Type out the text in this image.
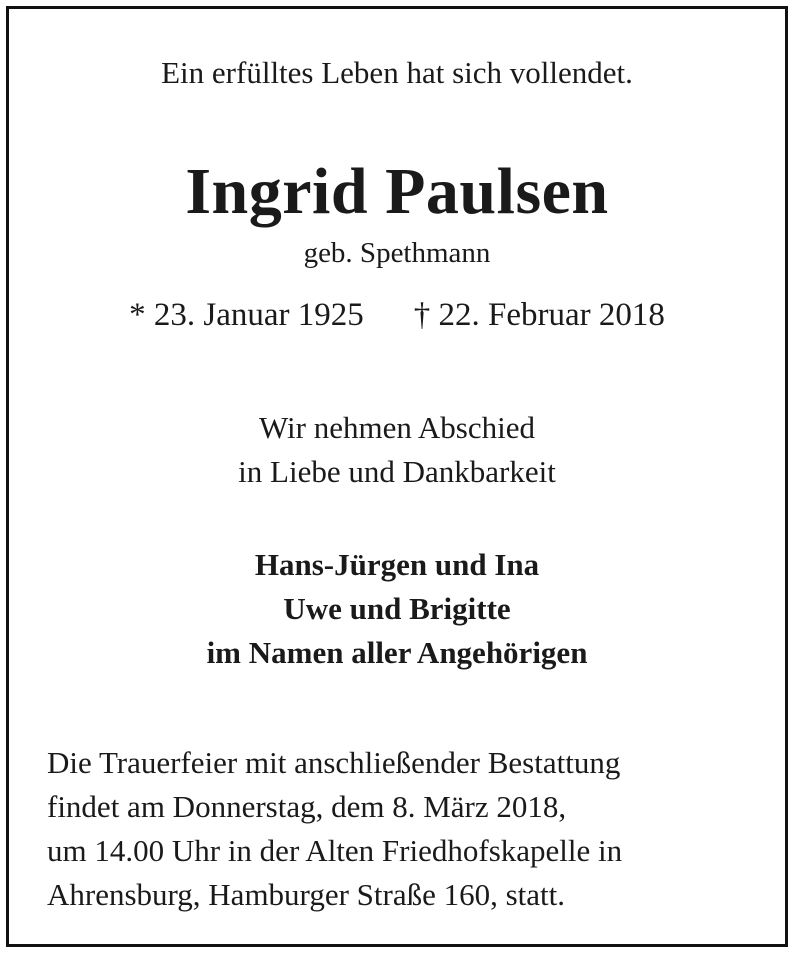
Ein erfülltes Leben hat sich vollendet.
Ingrid Paulsen
geb. Spethmann
* 23. Januar 1925 † 22. Februar 2018
Wir nehmen Abschied
in Liebe und Dankbarkeit
Hans-Jürgen und Ina
Uwe und Brigitte
im Namen aller Angehörigen
Die Trauerfeier mit anschließender Bestattung
findet am Donnerstag, dem 8. März 2018,
um 14.00 Uhr in der Alten Friedhofskapelle in
Ahrensburg, Hamburger Straße 160, statt.
